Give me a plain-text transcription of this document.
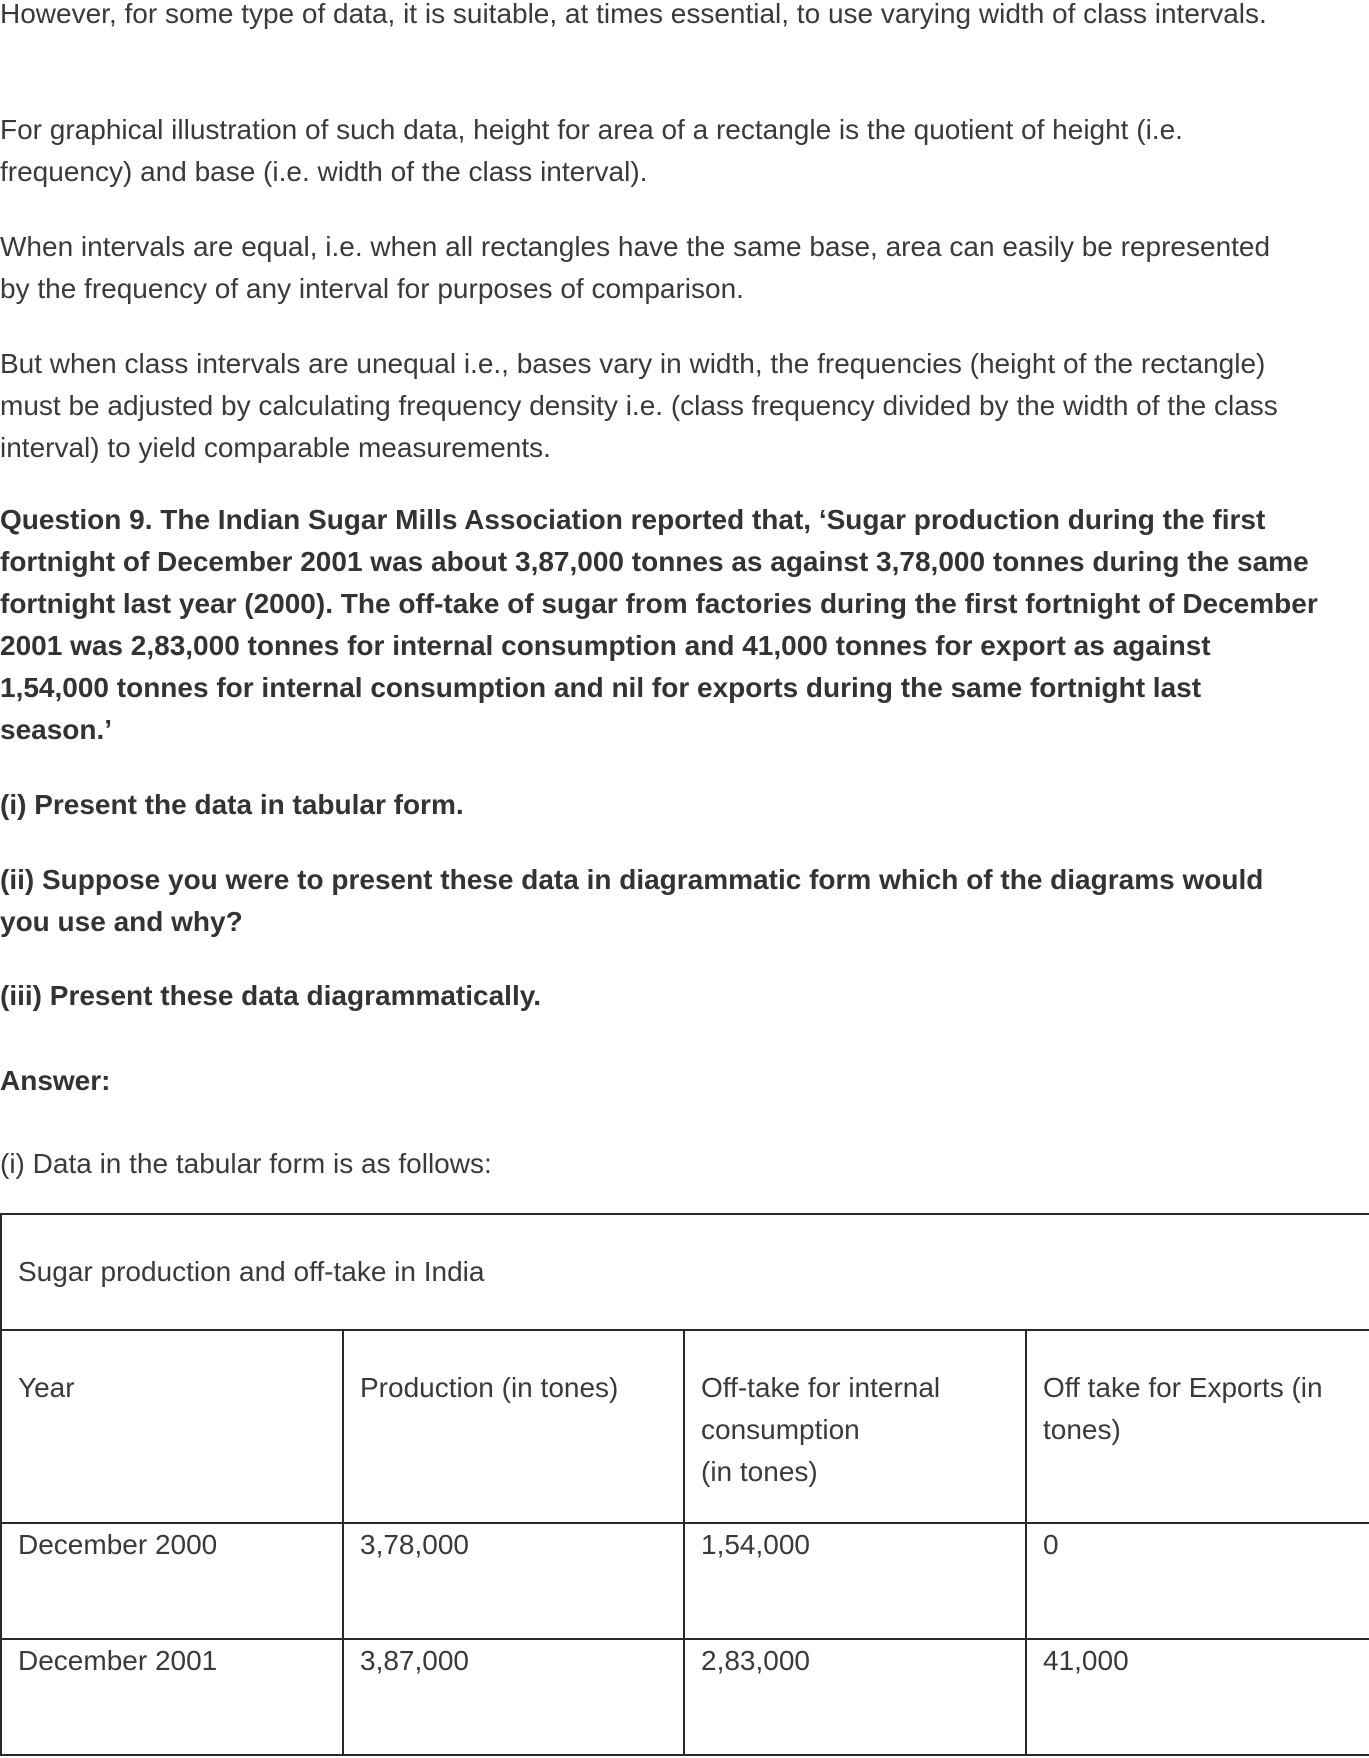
However, for some type of data, it is suitable, at times essential, to use varying width of class intervals.

For graphical illustration of such data, height for area of a rectangle is the quotient of height (i.e. frequency) and base (i.e. width of the class interval).

When intervals are equal, i.e. when all rectangles have the same base, area can easily be represented by the frequency of any interval for purposes of comparison.

But when class intervals are unequal i.e., bases vary in width, the frequencies (height of the rectangle) must be adjusted by calculating frequency density i.e. (class frequency divided by the width of the class interval) to yield comparable measurements.

Question 9. The Indian Sugar Mills Association reported that, ‘Sugar production during the first fortnight of December 2001 was about 3,87,000 tonnes as against 3,78,000 tonnes during the same fortnight last year (2000). The off-take of sugar from factories during the first fortnight of December 2001 was 2,83,000 tonnes for internal consumption and 41,000 tonnes for export as against 1,54,000 tonnes for internal consumption and nil for exports during the same fortnight last season.’

(i) Present the data in tabular form.

(ii) Suppose you were to present these data in diagrammatic form which of the diagrams would you use and why?

(iii) Present these data diagrammatically.

Answer:

(i) Data in the tabular form is as follows:

Sugar production and off-take in India			
Year	Production (in tones)	Off-take for internal
consumption
(in tones)	Off take for Exports (in tones)
December 2000	3,78,000	1,54,000	0
December 2001	3,87,000	2,83,000	41,000
